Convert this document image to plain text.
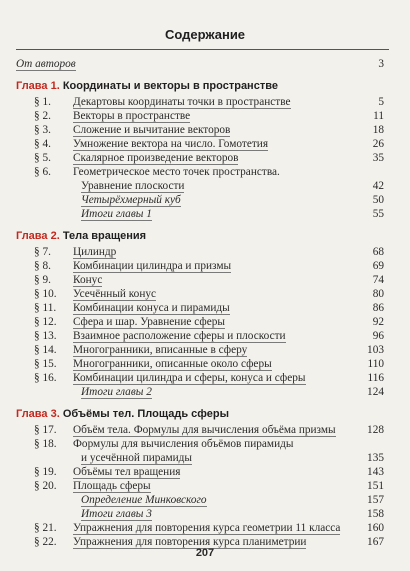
Содержание
От авторов	3
Глава 1. Координаты и векторы в пространстве
§ 1. Декартовы координаты точки в пространстве	5
§ 2. Векторы в пространстве	11
§ 3. Сложение и вычитание векторов	18
§ 4. Умножение вектора на число. Гомотетия	26
§ 5. Скалярное произведение векторов	35
§ 6. Геометрическое место точек пространства.
Уравнение плоскости	42
Четырёхмерный куб	50
Итоги главы 1	55
Глава 2. Тела вращения
§ 7. Цилиндр	68
§ 8. Комбинации цилиндра и призмы	69
§ 9. Конус	74
§ 10. Усечённый конус	80
§ 11. Комбинации конуса и пирамиды	86
§ 12. Сфера и шар. Уравнение сферы	92
§ 13. Взаимное расположение сферы и плоскости	96
§ 14. Многогранники, вписанные в сферу	103
§ 15. Многогранники, описанные около сферы	110
§ 16. Комбинации цилиндра и сферы, конуса и сферы	116
Итоги главы 2	124
Глава 3. Объёмы тел. Площадь сферы
§ 17. Объём тела. Формулы для вычисления объёма призмы	128
§ 18. Формулы для вычисления объёмов пирамиды
и усечённой пирамиды	135
§ 19. Объёмы тел вращения	143
§ 20. Площадь сферы	151
Определение Минковского	157
Итоги главы 3	158
§ 21. Упражнения для повторения курса геометрии 11 класса 160
§ 22. Упражнения для повторения курса планиметрии	167
207
